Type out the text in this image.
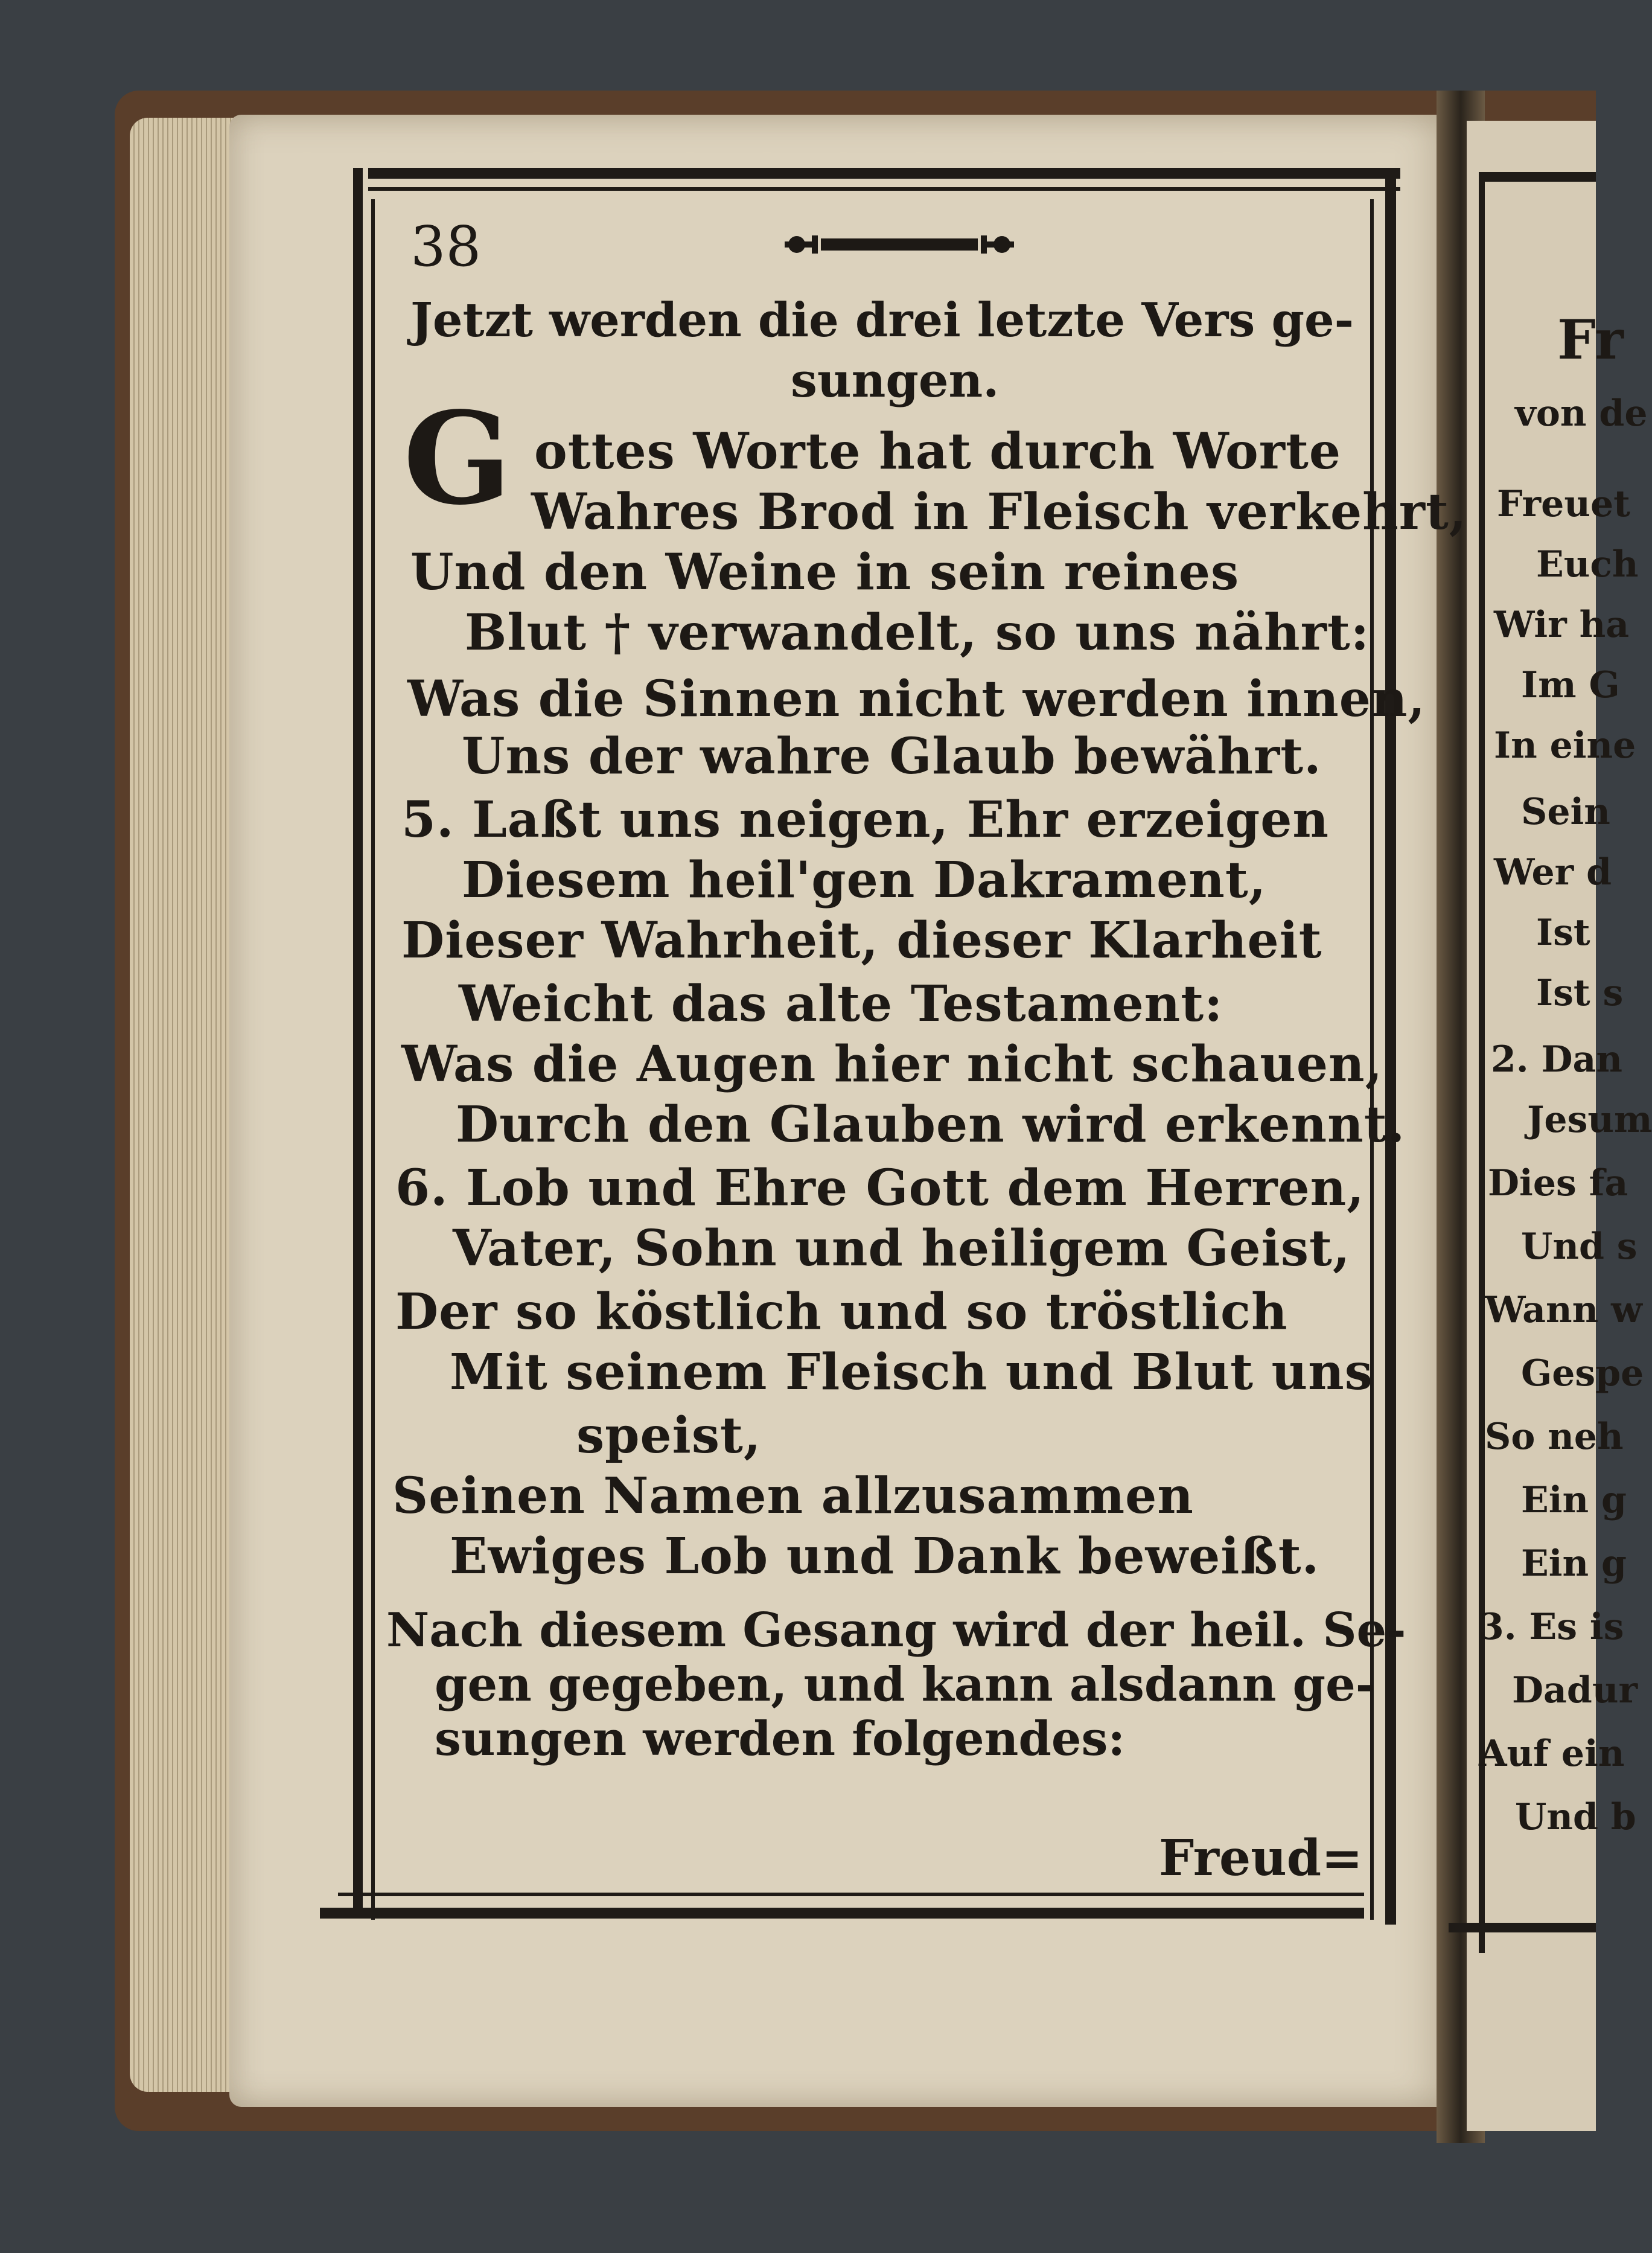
38
Jetzt werden die drei letzte Vers ge-
sungen.
G ottes Worte hat durch Worte
Wahres Brod in Fleisch verkehrt,
Und den Weine in sein reines
Blut † verwandelt, so uns nährt:
Was die Sinnen nicht werden innen,
Uns der wahre Glaub bewährt.
5. Laßt uns neigen, Ehr erzeigen
Diesem heil'gen Dakrament,
Dieser Wahrheit, dieser Klarheit
Weicht das alte Testament:
Was die Augen hier nicht schauen,
Durch den Glauben wird erkennt.
6. Lob und Ehre Gott dem Herren,
Vater, Sohn und heiligem Geist,
Der so köstlich und so tröstlich
Mit seinem Fleisch und Blut uns
speist,
Seinen Namen allzusammen
Ewiges Lob und Dank beweißt.
Nach diesem Gesang wird der heil. Se-
gen gegeben, und kann alsdann ge-
sungen werden folgendes:
Freud=
Fr
von de
Freuet
Euch
Wir ha
Im G
In eine
Sein
Wer d
Ist
Ist s
2. Dan
Jesum
Dies fa
Und s
Wann w
Gespe
So neh
Ein g
Ein g
3. Es is
Dadur
Auf ein
Und b
